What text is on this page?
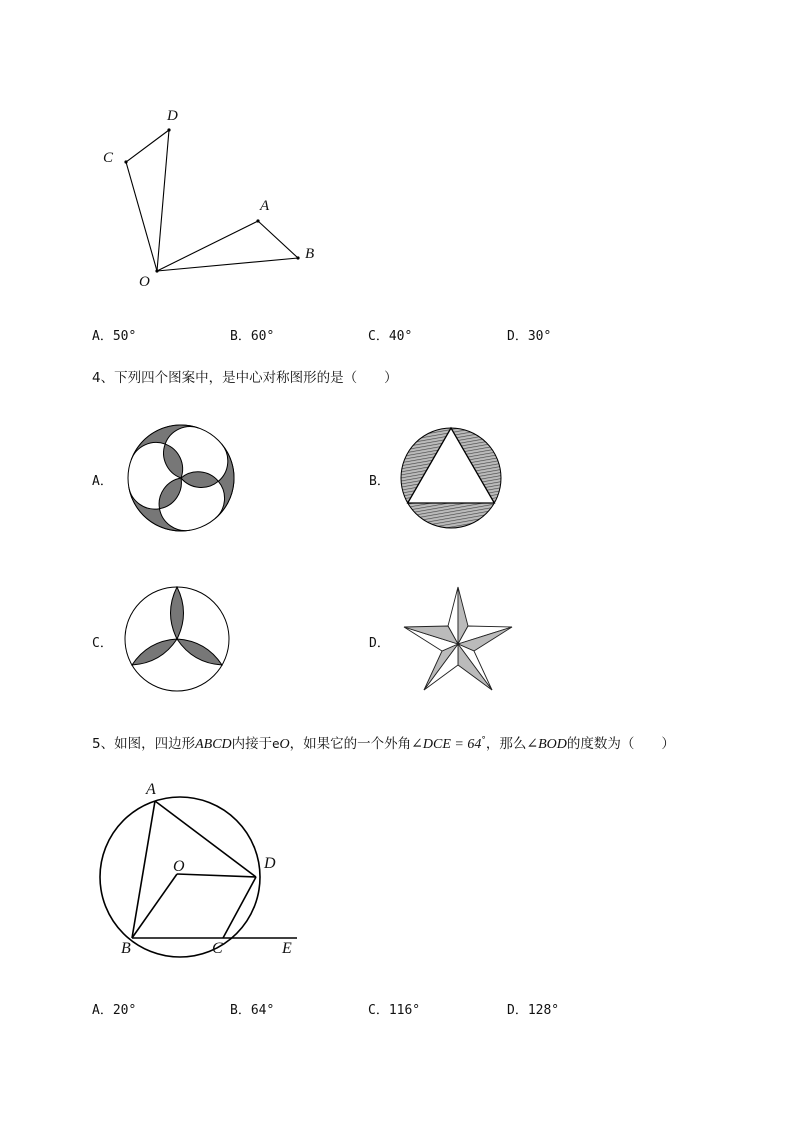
D
C
A
B
O
A．50°	B．60°	C．40°	D．30°
4、下列四个图案中，是中心对称图形的是（　　）
A．	B．
C．	D．
5、如图，四边形ABCD内接于eO，如果它的一个外角∠DCE = 64°，那么∠BOD的度数为（　　）
A
O	D
B	C	E
A．20°	B．64°	C．116°	D．128°
